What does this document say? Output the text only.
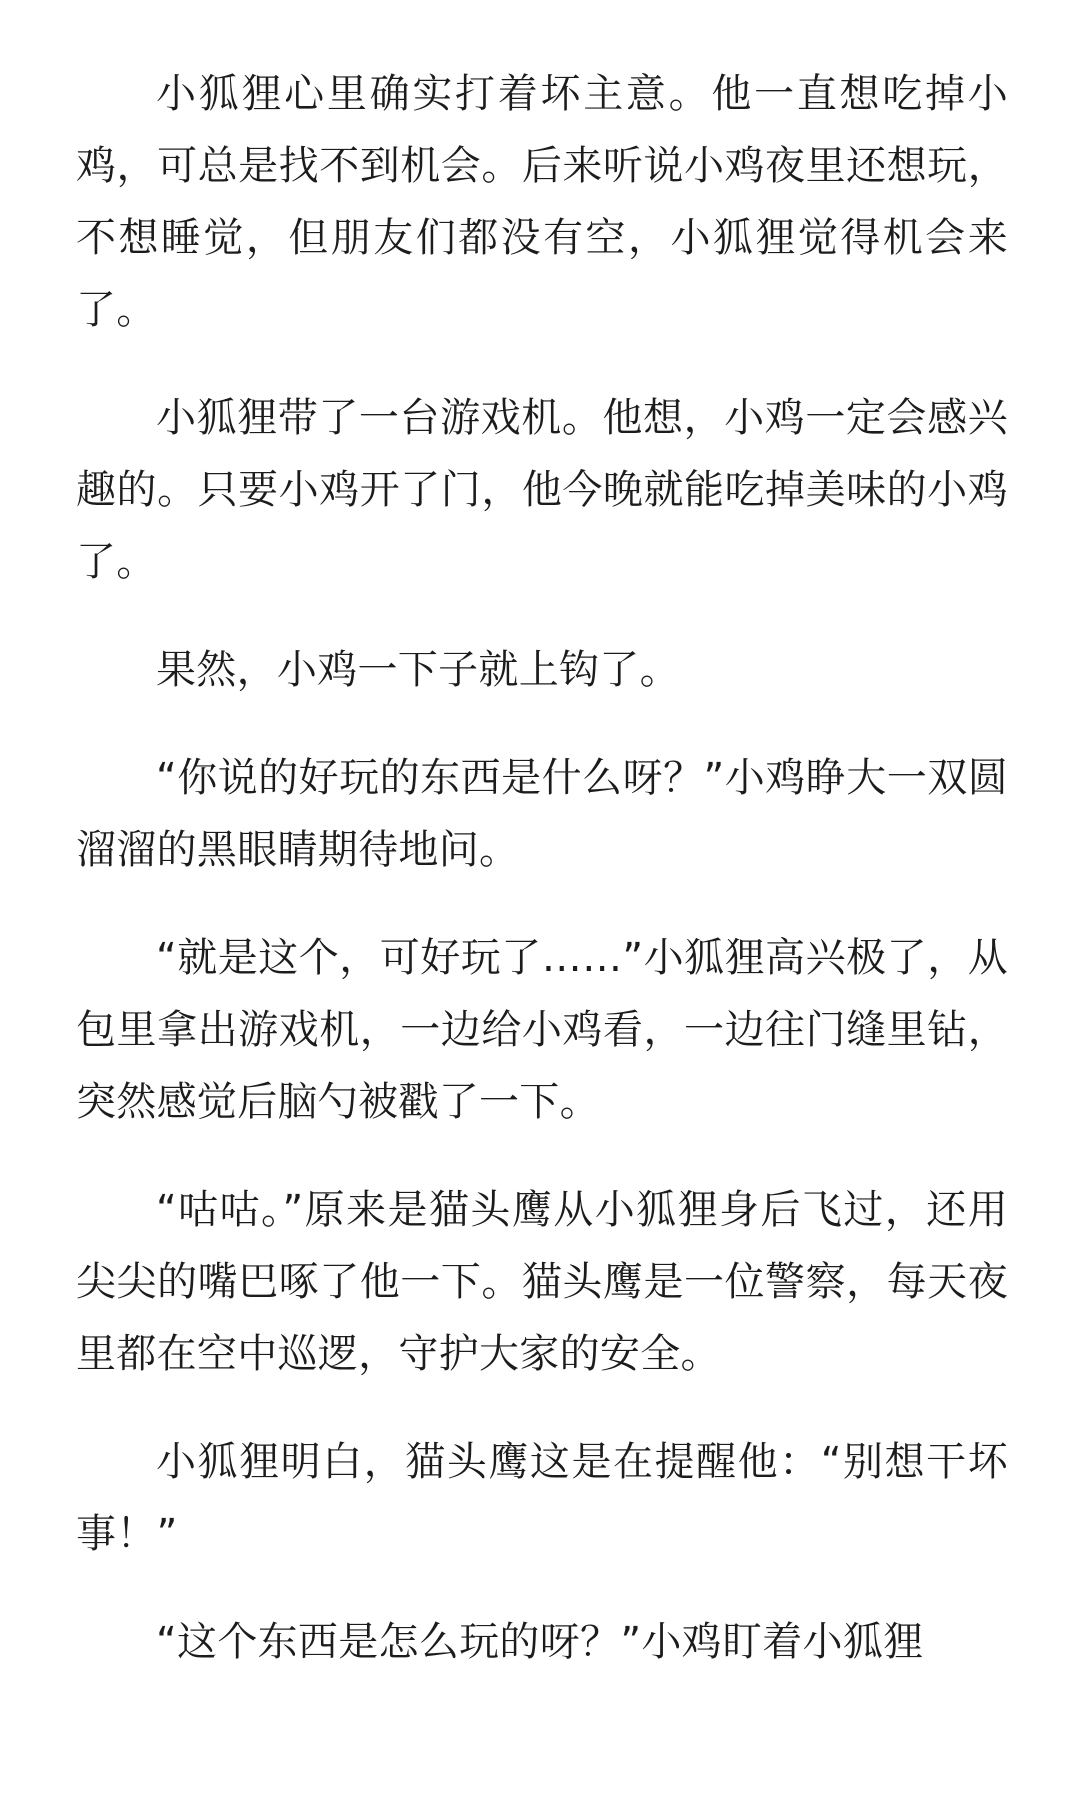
小狐狸心里确实打着坏主意。他一直想吃掉小鸡，可总是找不到机会。后来听说小鸡夜里还想玩，不想睡觉，但朋友们都没有空，小狐狸觉得机会来了。

小狐狸带了一台游戏机。他想，小鸡一定会感兴趣的。只要小鸡开了门，他今晚就能吃掉美味的小鸡了。

果然，小鸡一下子就上钩了。

“你说的好玩的东西是什么呀？”小鸡睁大一双圆溜溜的黑眼睛期待地问。

“就是这个，可好玩了……”小狐狸高兴极了，从包里拿出游戏机，一边给小鸡看，一边往门缝里钻，突然感觉后脑勺被戳了一下。

“咕咕。”原来是猫头鹰从小狐狸身后飞过，还用尖尖的嘴巴啄了他一下。猫头鹰是一位警察，每天夜里都在空中巡逻，守护大家的安全。

小狐狸明白，猫头鹰这是在提醒他：“别想干坏事！”

“这个东西是怎么玩的呀？”小鸡盯着小狐狸
